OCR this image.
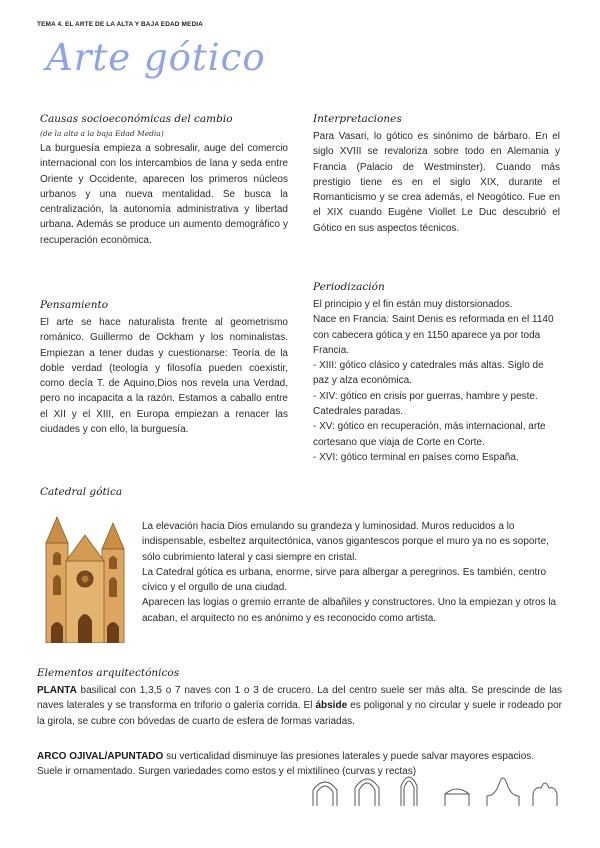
TEMA 4. EL ARTE DE LA ALTA Y BAJA EDAD MEDIA
Arte gótico
Causas socioeconómicas del cambio
(de la alta a la baja Edad Media)

La burguesía empieza a sobresalir, auge del comercio internacional con los intercambios de lana y seda entre Oriente y Occidente, aparecen los primeros núcleos urbanos y una nueva mentalidad. Se busca la centralización, la autonomía administrativa y libertad urbana. Además se produce un aumento demográfico y recuperación económica.

Pensamiento

El arte se hace naturalista frente al geometrismo románico. Guillermo de Ockham y los nominalistas. Empiezan a tener dudas y cuestionarse: Teoría de la doble verdad (teología y filosofía pueden coexistir, como decía T. de Aquino,Dios nos revela una Verdad, pero no incapacita a la razón. Estamos a caballo entre el XII y el XIII, en Europa empiezan a renacer las ciudades y con ello, la burguesía.

Interpretaciones

Para Vasari, lo gótico es sinónimo de bárbaro. En el siglo XVIII se revaloriza sobre todo en Alemania y Francia (Palacio de Westminster). Cuando más prestigio tiene es en el siglo XIX, durante el Romanticismo y se crea además, el Neogótico. Fue en el XIX cuando Eugène Viollet Le Duc descubrió el Gótico en sus aspectos técnicos.

Periodización
El principio y el fin están muy distorsionados.
Nace en Francia: Saint Denis es reformada en el 1140 con cabecera gótica y en 1150 aparece ya por toda Francia.
- XIII: gótico clásico y catedrales más altas. Siglo de paz y alza económica.
- XIV: gótico en crisis por guerras, hambre y peste. Catedrales paradas.
- XV: gótico en recuperación, más internacional, arte cortesano que viaja de Corte en Corte.
- XVI: gótico terminal en países como España.
Catedral gótica

La elevación hacia Dios emulando su grandeza y luminosidad. Muros reducidos a lo indispensable, esbeltez arquitectónica, vanos gigantescos porque el muro ya no es soporte, sólo cubrimiento lateral y casi siempre en cristal.

La Catedral gótica es urbana, enorme, sirve para albergar a peregrinos. Es también, centro cívico y el orgullo de una ciudad.

Aparecen las logias o gremio errante de albañiles y constructores. Uno la empiezan y otros la acaban, el arquitecto no es anónimo y es reconocido como artista.

Elementos arquitectónicos

PLANTA basilical con 1,3,5 o 7 naves con 1 o 3 de crucero. La del centro suele ser más alta. Se prescinde de las naves laterales y se transforma en triforio o galería corrida. El ábside es poligonal y no circular y suele ir rodeado por la girola, se cubre con bóvedas de cuarto de esfera de formas variadas.

ARCO OJIVAL/APUNTADO su verticalidad disminuye las presiones laterales y puede salvar mayores espacios. Suele ir ornamentado. Surgen variedades como estos y el mixtilíneo (curvas y rectas)
